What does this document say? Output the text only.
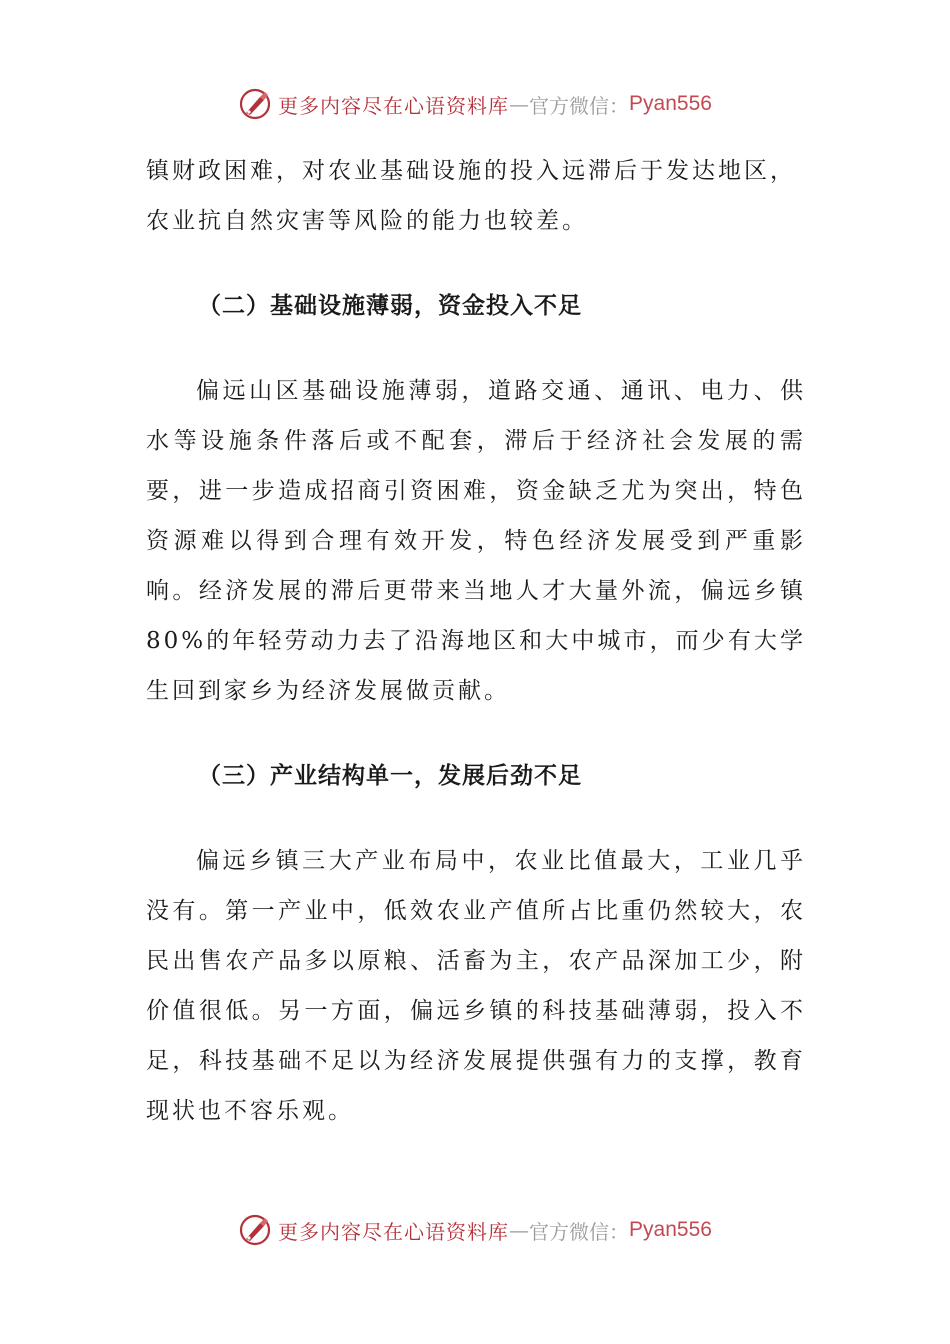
更多内容尽在心语资料库 — 官方微信： Pyan556

镇财政困难，对农业基础设施的投入远滞后于发达地区，

农业抗自然灾害等风险的能力也较差。

（二）基础设施薄弱，资金投入不足

偏远山区基础设施薄弱，道路交通、通讯、电力、供水等设施条件落后或不配套，滞后于经济社会发展的需要，进一步造成招商引资困难，资金缺乏尤为突出，特色资源难以得到合理有效开发，特色经济发展受到严重影响。经济发展的滞后更带来当地人才大量外流，偏远乡镇80%的年轻劳动力去了沿海地区和大中城市，而少有大学生回到家乡为经济发展做贡献。

（三）产业结构单一，发展后劲不足

偏远乡镇三大产业布局中，农业比值最大，工业几乎没有。第一产业中，低效农业产值所占比重仍然较大，农民出售农产品多以原粮、活畜为主，农产品深加工少，附价值很低。另一方面，偏远乡镇的科技基础薄弱，投入不足，科技基础不足以为经济发展提供强有力的支撑，教育现状也不容乐观。

更多内容尽在心语资料库 — 官方微信： Pyan556
